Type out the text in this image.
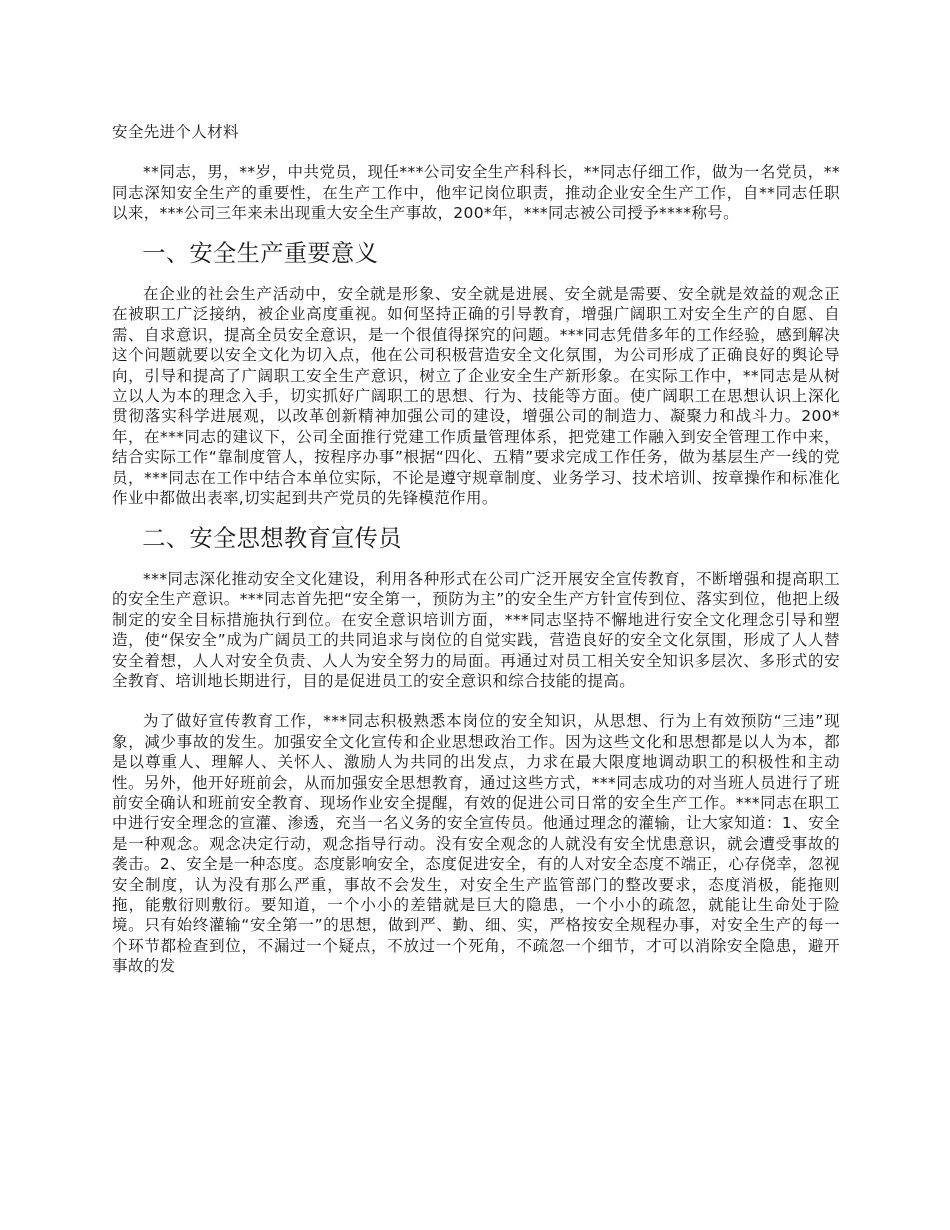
安全先进个人材料

**同志，男，**岁，中共党员，现任***公司安全生产科科长，**同志仔细工作，做为一名党员，**同志深知安全生产的重要性，在生产工作中，他牢记岗位职责，推动企业安全生产工作，自**同志任职以来，***公司三年来未出现重大安全生产事故，200*年，***同志被公司授予****称号。

一、安全生产重要意义

在企业的社会生产活动中，安全就是形象、安全就是进展、安全就是需要、安全就是效益的观念正在被职工广泛接纳，被企业高度重视。如何坚持正确的引导教育，增强广阔职工对安全生产的自愿、自需、自求意识，提高全员安全意识，是一个很值得探究的问题。***同志凭借多年的工作经验，感到解决这个问题就要以安全文化为切入点，他在公司积极营造安全文化氛围，为公司形成了正确良好的舆论导向，引导和提高了广阔职工安全生产意识，树立了企业安全生产新形象。在实际工作中，**同志是从树立以人为本的理念入手，切实抓好广阔职工的思想、行为、技能等方面。使广阔职工在思想认识上深化贯彻落实科学进展观，以改革创新精神加强公司的建设，增强公司的制造力、凝聚力和战斗力。200*年，在***同志的建议下，公司全面推行党建工作质量管理体系，把党建工作融入到安全管理工作中来，结合实际工作“靠制度管人，按程序办事”根据“四化、五精”要求完成工作任务，做为基层生产一线的党员，***同志在工作中结合本单位实际，不论是遵守规章制度、业务学习、技术培训、按章操作和标准化作业中都做出表率,切实起到共产党员的先锋模范作用。

二、安全思想教育宣传员

***同志深化推动安全文化建设，利用各种形式在公司广泛开展安全宣传教育，不断增强和提高职工的安全生产意识。***同志首先把“安全第一，预防为主”的安全生产方针宣传到位、落实到位，他把上级制定的安全目标措施执行到位。在安全意识培训方面，***同志坚持不懈地进行安全文化理念引导和塑造，使“保安全”成为广阔员工的共同追求与岗位的自觉实践，营造良好的安全文化氛围，形成了人人替安全着想，人人对安全负责、人人为安全努力的局面。再通过对员工相关安全知识多层次、多形式的安全教育、培训地长期进行，目的是促进员工的安全意识和综合技能的提高。

为了做好宣传教育工作，***同志积极熟悉本岗位的安全知识，从思想、行为上有效预防“三违”现象，减少事故的发生。加强安全文化宣传和企业思想政治工作。因为这些文化和思想都是以人为本，都是以尊重人、理解人、关怀人、激励人为共同的出发点，力求在最大限度地调动职工的积极性和主动性。另外，他开好班前会，从而加强安全思想教育，通过这些方式，***同志成功的对当班人员进行了班前安全确认和班前安全教育、现场作业安全提醒，有效的促进公司日常的安全生产工作。***同志在职工中进行安全理念的宣灌、渗透，充当一名义务的安全宣传员。他通过理念的灌输，让大家知道：1、安全是一种观念。观念决定行动，观念指导行动。没有安全观念的人就没有安全忧患意识，就会遭受事故的袭击。2、安全是一种态度。态度影响安全，态度促进安全，有的人对安全态度不端正，心存侥幸，忽视安全制度，认为没有那么严重，事故不会发生，对安全生产监管部门的整改要求，态度消极，能拖则拖，能敷衍则敷衍。要知道，一个小小的差错就是巨大的隐患，一个小小的疏忽，就能让生命处于险境。只有始终灌输“安全第一”的思想，做到严、勤、细、实，严格按安全规程办事，对安全生产的每一个环节都检查到位，不漏过一个疑点，不放过一个死角，不疏忽一个细节，才可以消除安全隐患，避开事故的发
